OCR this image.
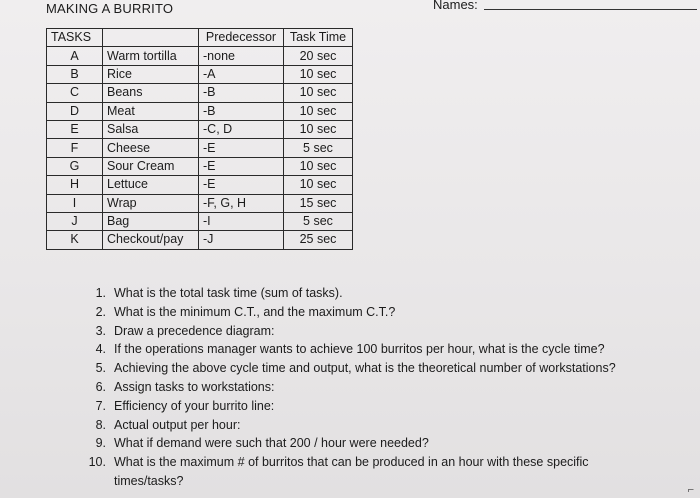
MAKING A BURRITO	Names:
TASKS		Predecessor	Task Time
A	Warm tortilla	-none	20 sec
B	Rice	-A	10 sec
C	Beans	-B	10 sec
D	Meat	-B	10 sec
E	Salsa	-C, D	10 sec
F	Cheese	-E	5 sec
G	Sour Cream	-E	10 sec
H	Lettuce	-E	10 sec
I	Wrap	-F, G, H	15 sec
J	Bag	-I	5 sec
K	Checkout/pay	-J	25 sec
1. What is the total task time (sum of tasks).
2. What is the minimum C.T., and the maximum C.T.?
3. Draw a precedence diagram:
4. If the operations manager wants to achieve 100 burritos per hour, what is the cycle time?
5. Achieving the above cycle time and output, what is the theoretical number of workstations?
6. Assign tasks to workstations:
7. Efficiency of your burrito line:
8. Actual output per hour:
9. What if demand were such that 200 / hour were needed?
10. What is the maximum # of burritos that can be produced in an hour with these specific times/tasks?
⌐
